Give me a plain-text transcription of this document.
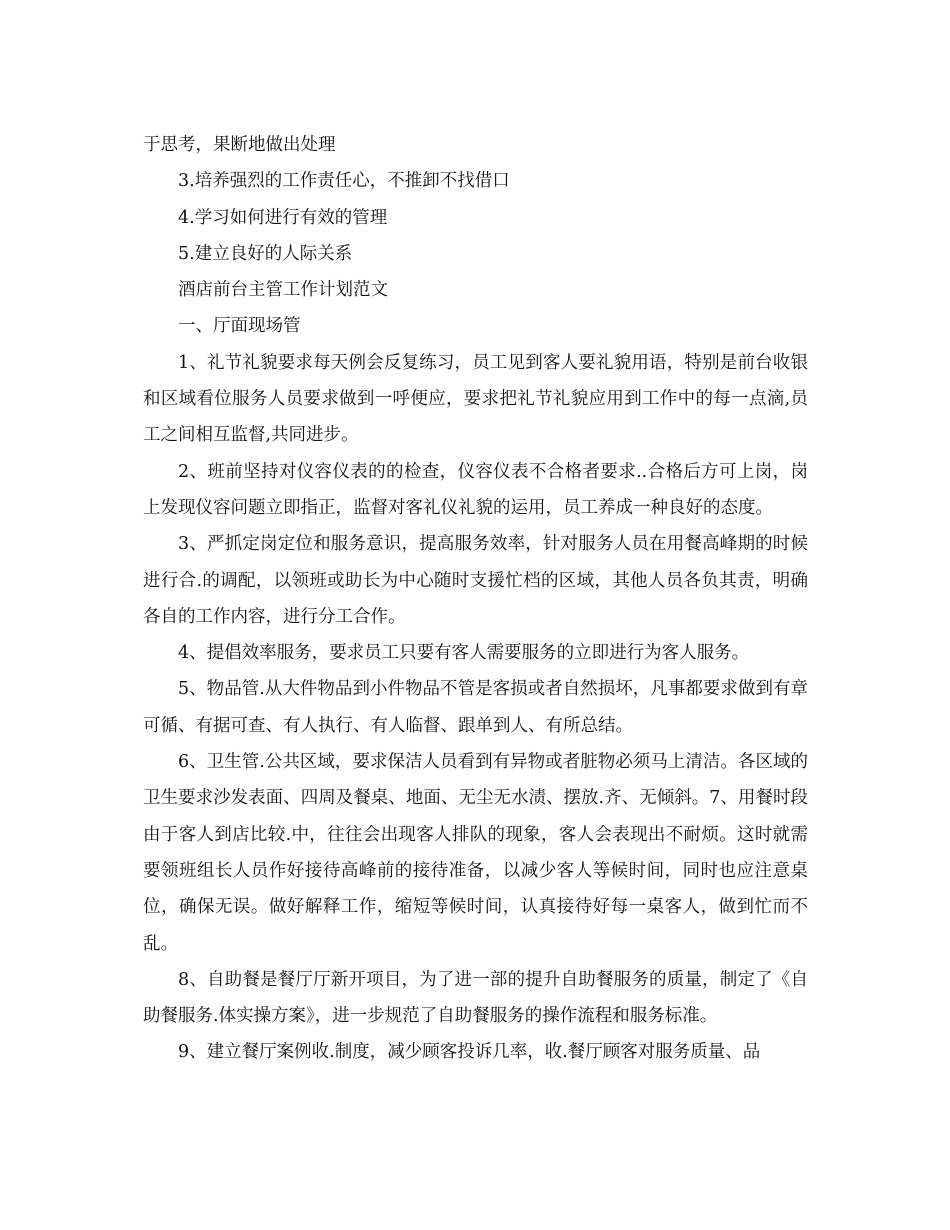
于思考，果断地做出处理

3.培养强烈的工作责任心，不推卸不找借口

4.学习如何进行有效的管理

5.建立良好的人际关系

酒店前台主管工作计划范文

一、厅面现场管

1、礼节礼貌要求每天例会反复练习，员工见到客人要礼貌用语，特别是前台收银和区域看位服务人员要求做到一呼便应，要求把礼节礼貌应用到工作中的每一点滴,员工之间相互监督,共同进步。

2、班前坚持对仪容仪表的的检查，仪容仪表不合格者要求..合格后方可上岗，岗上发现仪容问题立即指正，监督对客礼仪礼貌的运用，员工养成一种良好的态度。

3、严抓定岗定位和服务意识，提高服务效率，针对服务人员在用餐高峰期的时候进行合.的调配，以领班或助长为中心随时支援忙档的区域，其他人员各负其责，明确各自的工作内容，进行分工合作。

4、提倡效率服务，要求员工只要有客人需要服务的立即进行为客人服务。

5、物品管.从大件物品到小件物品不管是客损或者自然损坏，凡事都要求做到有章可循、有据可查、有人执行、有人临督、跟单到人、有所总结。

6、卫生管.公共区域，要求保洁人员看到有异物或者脏物必须马上清洁。各区域的卫生要求沙发表面、四周及餐桌、地面、无尘无水渍、摆放.齐、无倾斜。7、用餐时段由于客人到店比较.中，往往会出现客人排队的现象，客人会表现出不耐烦。这时就需要领班组长人员作好接待高峰前的接待准备，以减少客人等候时间，同时也应注意桌位，确保无误。做好解释工作，缩短等候时间，认真接待好每一桌客人，做到忙而不乱。

8、自助餐是餐厅厅新开项目，为了进一部的提升自助餐服务的质量，制定了《自助餐服务.体实操方案》，进一步规范了自助餐服务的操作流程和服务标准。

9、建立餐厅案例收.制度，减少顾客投诉几率，收.餐厅顾客对服务质量、品
